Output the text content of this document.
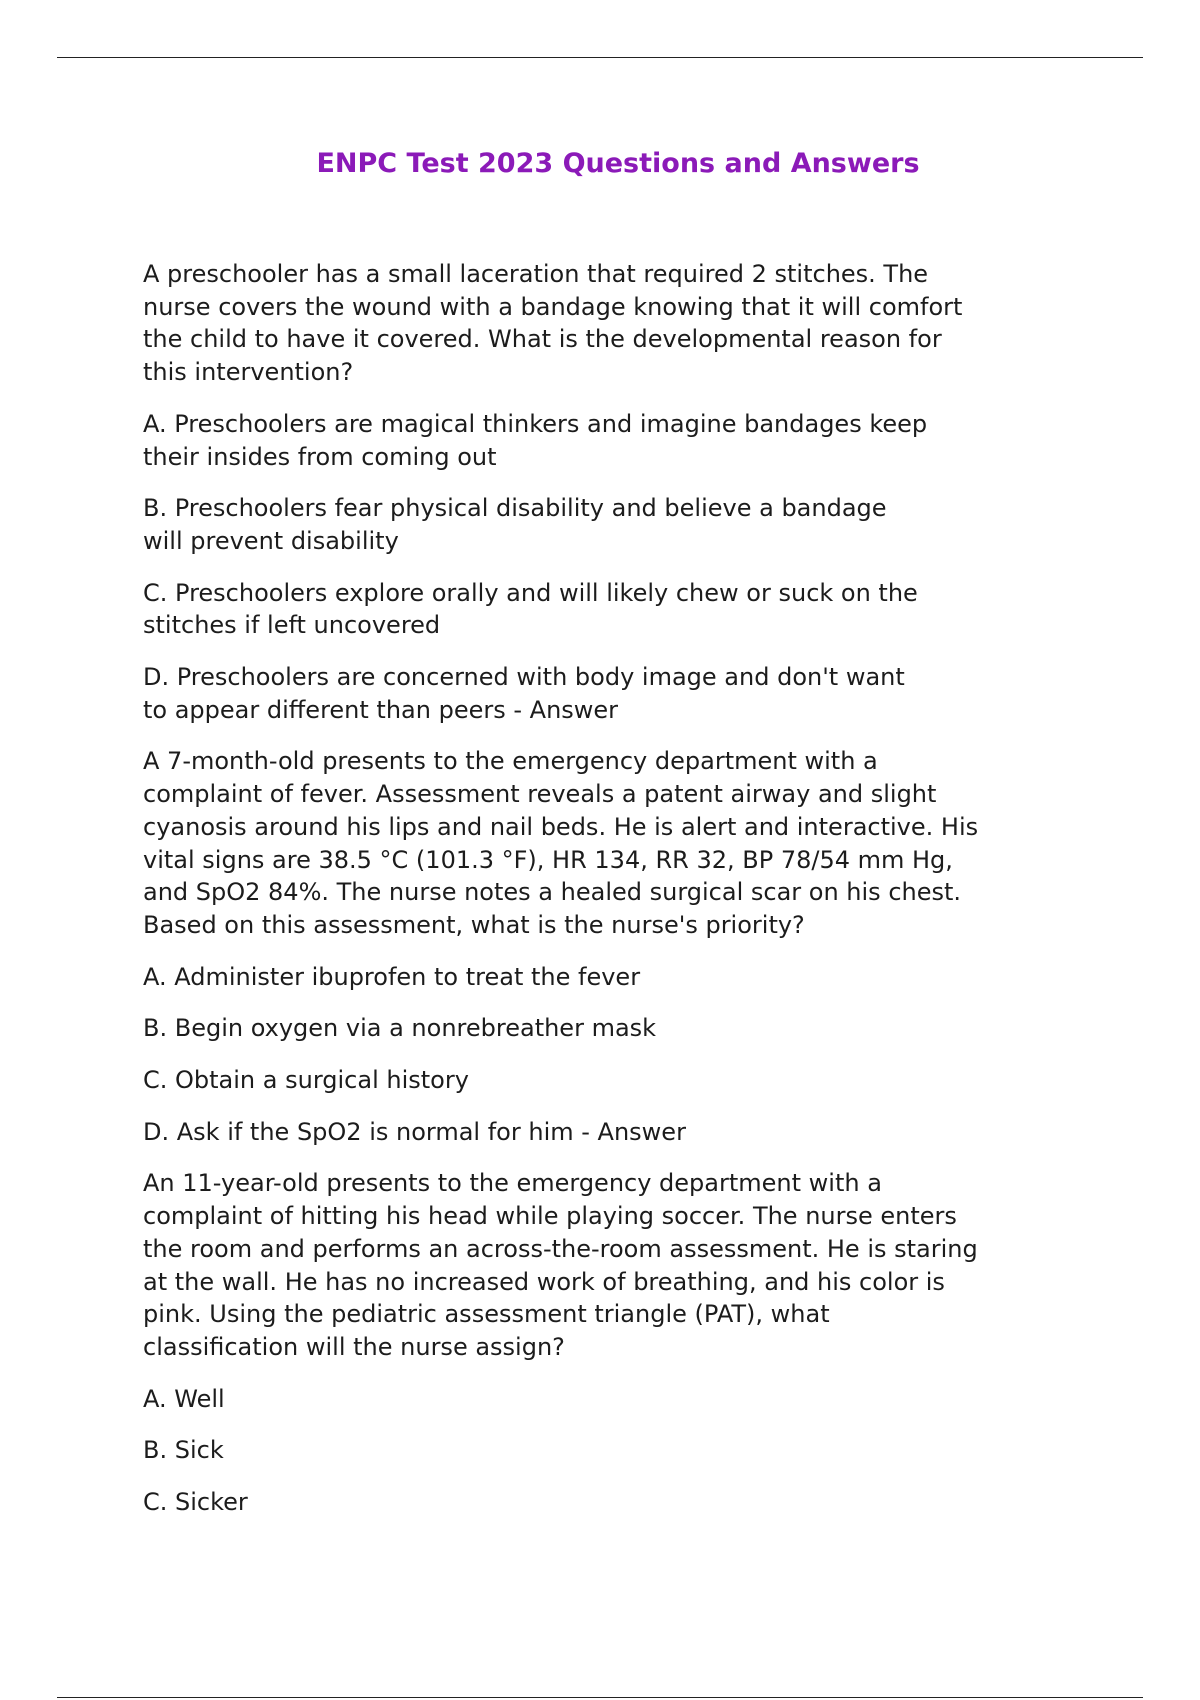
ENPC Test 2023 Questions and Answers

A preschooler has a small laceration that required 2 stitches. The
nurse covers the wound with a bandage knowing that it will comfort
the child to have it covered. What is the developmental reason for
this intervention?

A. Preschoolers are magical thinkers and imagine bandages keep
their insides from coming out

B. Preschoolers fear physical disability and believe a bandage
will prevent disability

C. Preschoolers explore orally and will likely chew or suck on the
stitches if left uncovered

D. Preschoolers are concerned with body image and don't want
to appear different than peers - Answer

A 7-month-old presents to the emergency department with a
complaint of fever. Assessment reveals a patent airway and slight
cyanosis around his lips and nail beds. He is alert and interactive. His
vital signs are 38.5 °C (101.3 °F), HR 134, RR 32, BP 78/54 mm Hg,
and SpO2 84%. The nurse notes a healed surgical scar on his chest.
Based on this assessment, what is the nurse's priority?

A. Administer ibuprofen to treat the fever

B. Begin oxygen via a nonrebreather mask

C. Obtain a surgical history

D. Ask if the SpO2 is normal for him - Answer

An 11-year-old presents to the emergency department with a
complaint of hitting his head while playing soccer. The nurse enters
the room and performs an across-the-room assessment. He is staring
at the wall. He has no increased work of breathing, and his color is
pink. Using the pediatric assessment triangle (PAT), what
classification will the nurse assign?

A. Well

B. Sick

C. Sicker
